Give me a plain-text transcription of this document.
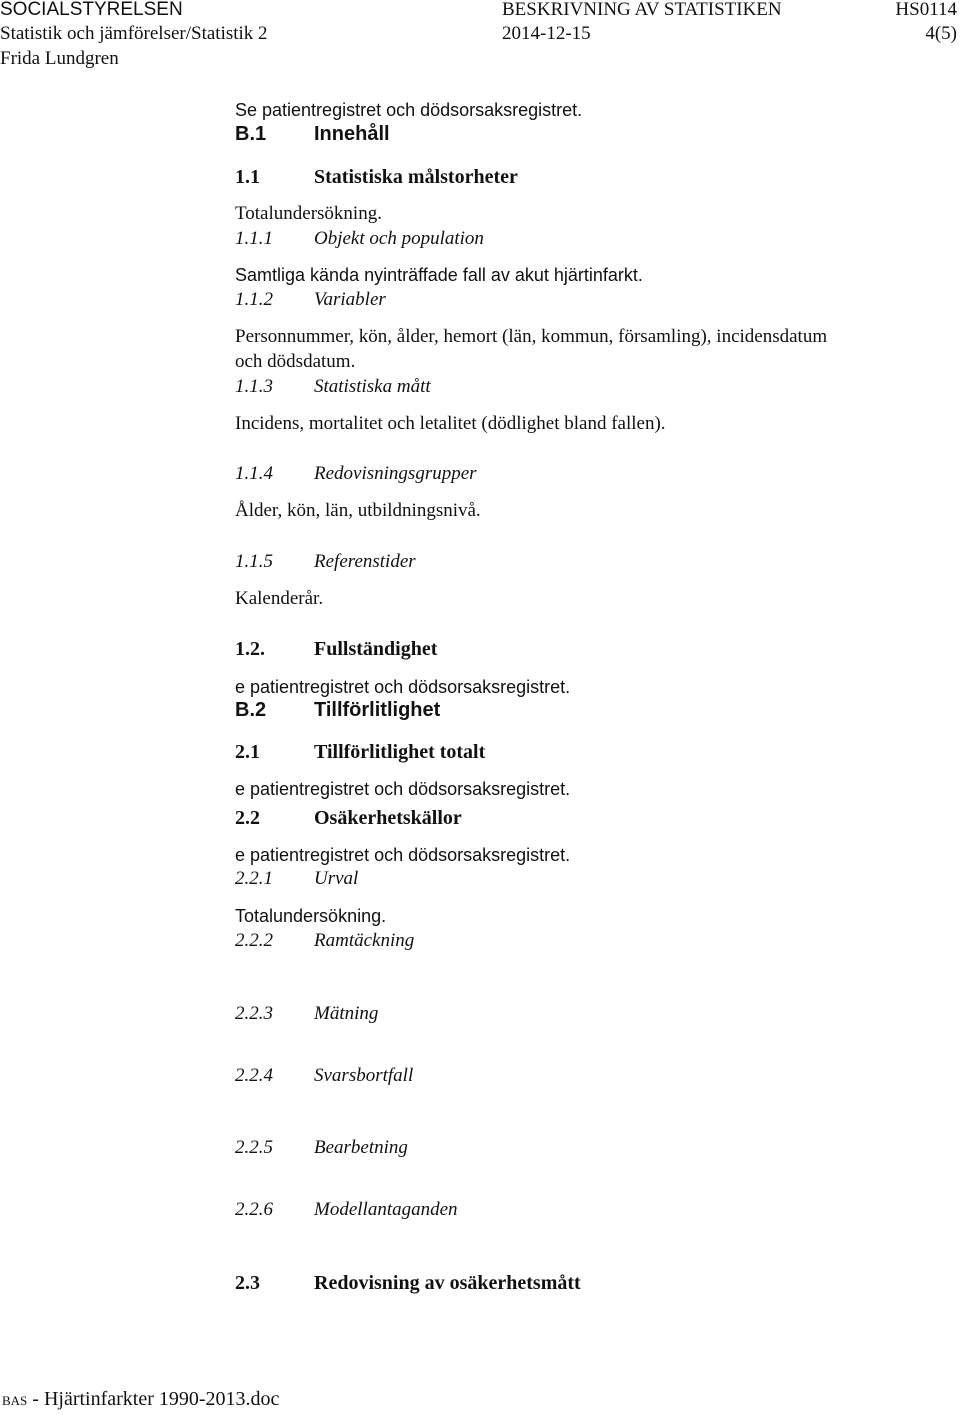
SOCIALSTYRELSEN	BESKRIVNING AV STATISTIKEN	HS0114
Statistik och jämförelser/Statistik 2	2014-12-15	4(5)
Frida Lundgren
Se patientregistret och dödsorsaksregistret.
B.1 Innehåll
1.1	Statistiska målstorheter
Totalundersökning.
1.1.1 Objekt och population
Samtliga kända nyinträffade fall av akut hjärtinfarkt.
1.1.2 Variabler
Personnummer, kön, ålder, hemort (län, kommun, församling), incidensdatum
och dödsdatum.
1.1.3 Statistiska mått
Incidens, mortalitet och letalitet (dödlighet bland fallen).
1.1.4 Redovisningsgrupper
Ålder, kön, län, utbildningsnivå.
1.1.5 Referenstider
Kalenderår.
1.2. Fullständighet
e patientregistret och dödsorsaksregistret.
B.2 Tillförlitlighet
2.1	Tillförlitlighet totalt
e patientregistret och dödsorsaksregistret.
2.2	Osäkerhetskällor
e patientregistret och dödsorsaksregistret.
2.2.1 Urval
Totalundersökning.
2.2.2 Ramtäckning
2.2.3 Mätning
2.2.4 Svarsbortfall
2.2.5 Bearbetning
2.2.6 Modellantaganden
2.3	Redovisning av osäkerhetsmått
BAS - Hjärtinfarkter 1990-2013.doc
